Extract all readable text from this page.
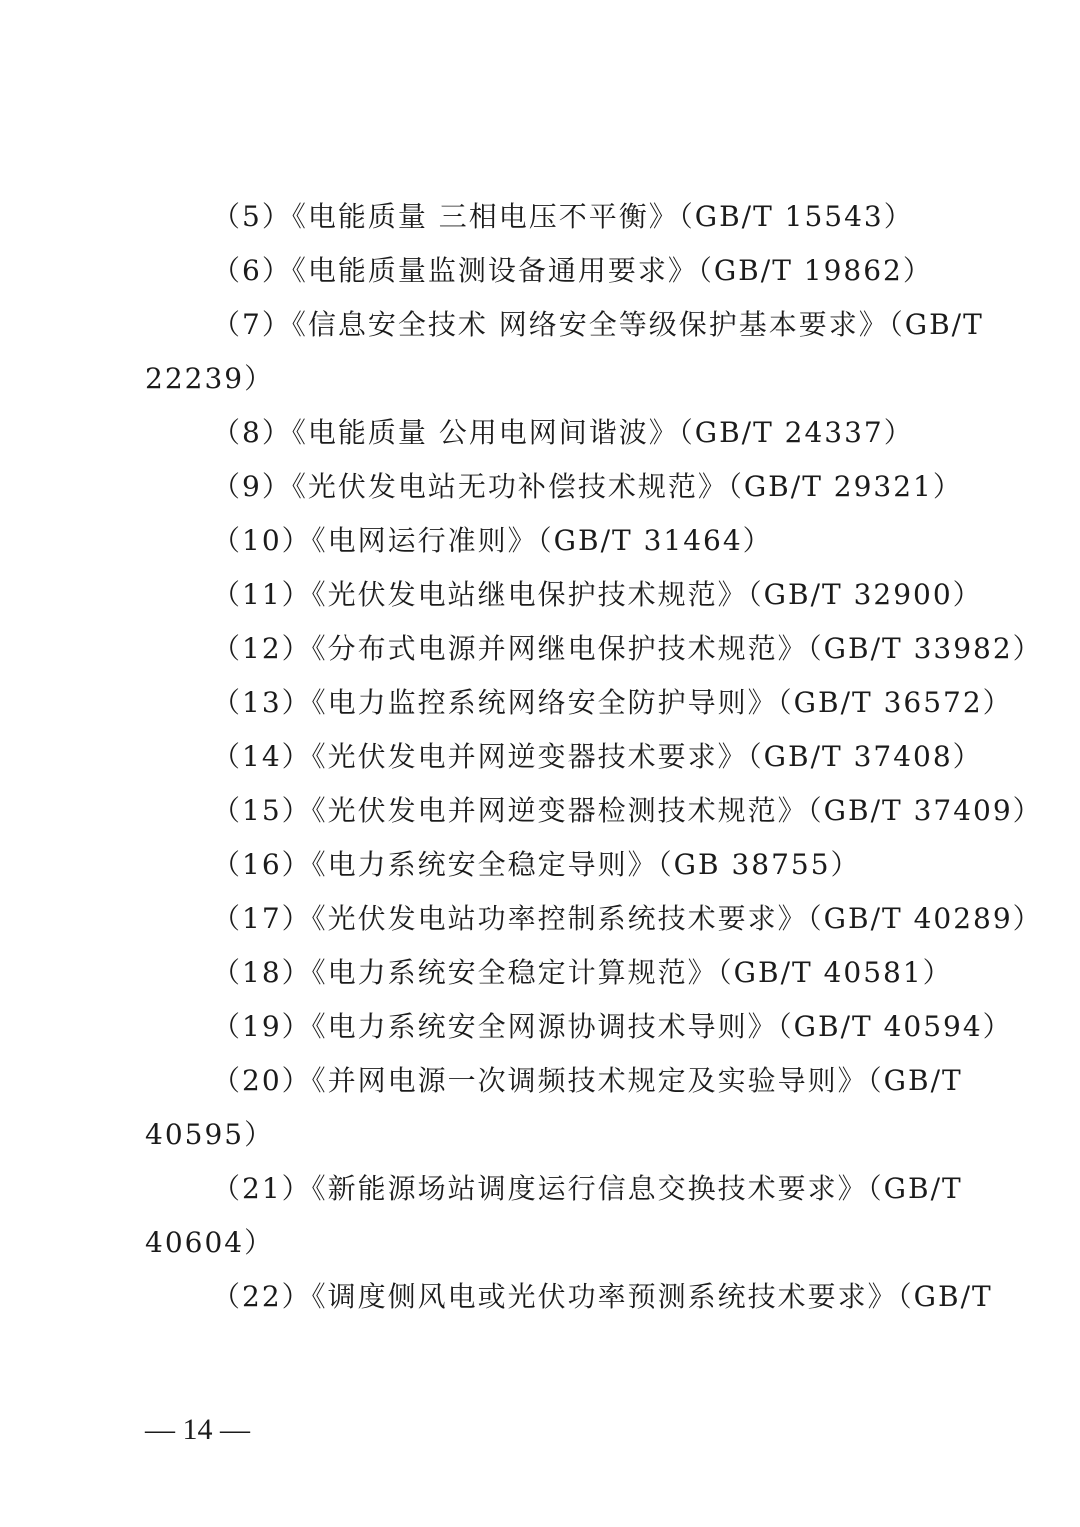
（5）《电能质量 三相电压不平衡》（GB/T 15543）
（6）《电能质量监测设备通用要求》（GB/T 19862）
（7）《信息安全技术 网络安全等级保护基本要求》（GB/T
22239）
（8）《电能质量 公用电网间谐波》（GB/T 24337）
（9）《光伏发电站无功补偿技术规范》（GB/T 29321）
（10）《电网运行准则》（GB/T 31464）
（11）《光伏发电站继电保护技术规范》（GB/T 32900）
（12）《分布式电源并网继电保护技术规范》（GB/T 33982）
（13）《电力监控系统网络安全防护导则》（GB/T 36572）
（14）《光伏发电并网逆变器技术要求》（GB/T 37408）
（15）《光伏发电并网逆变器检测技术规范》（GB/T 37409）
（16）《电力系统安全稳定导则》（GB 38755）
（17）《光伏发电站功率控制系统技术要求》（GB/T 40289）
（18）《电力系统安全稳定计算规范》（GB/T 40581）
（19）《电力系统安全网源协调技术导则》（GB/T 40594）
（20）《并网电源一次调频技术规定及实验导则》（GB/T
40595）
（21）《新能源场站调度运行信息交换技术要求》（GB/T
40604）
（22）《调度侧风电或光伏功率预测系统技术要求》（GB/T
— 14 —
